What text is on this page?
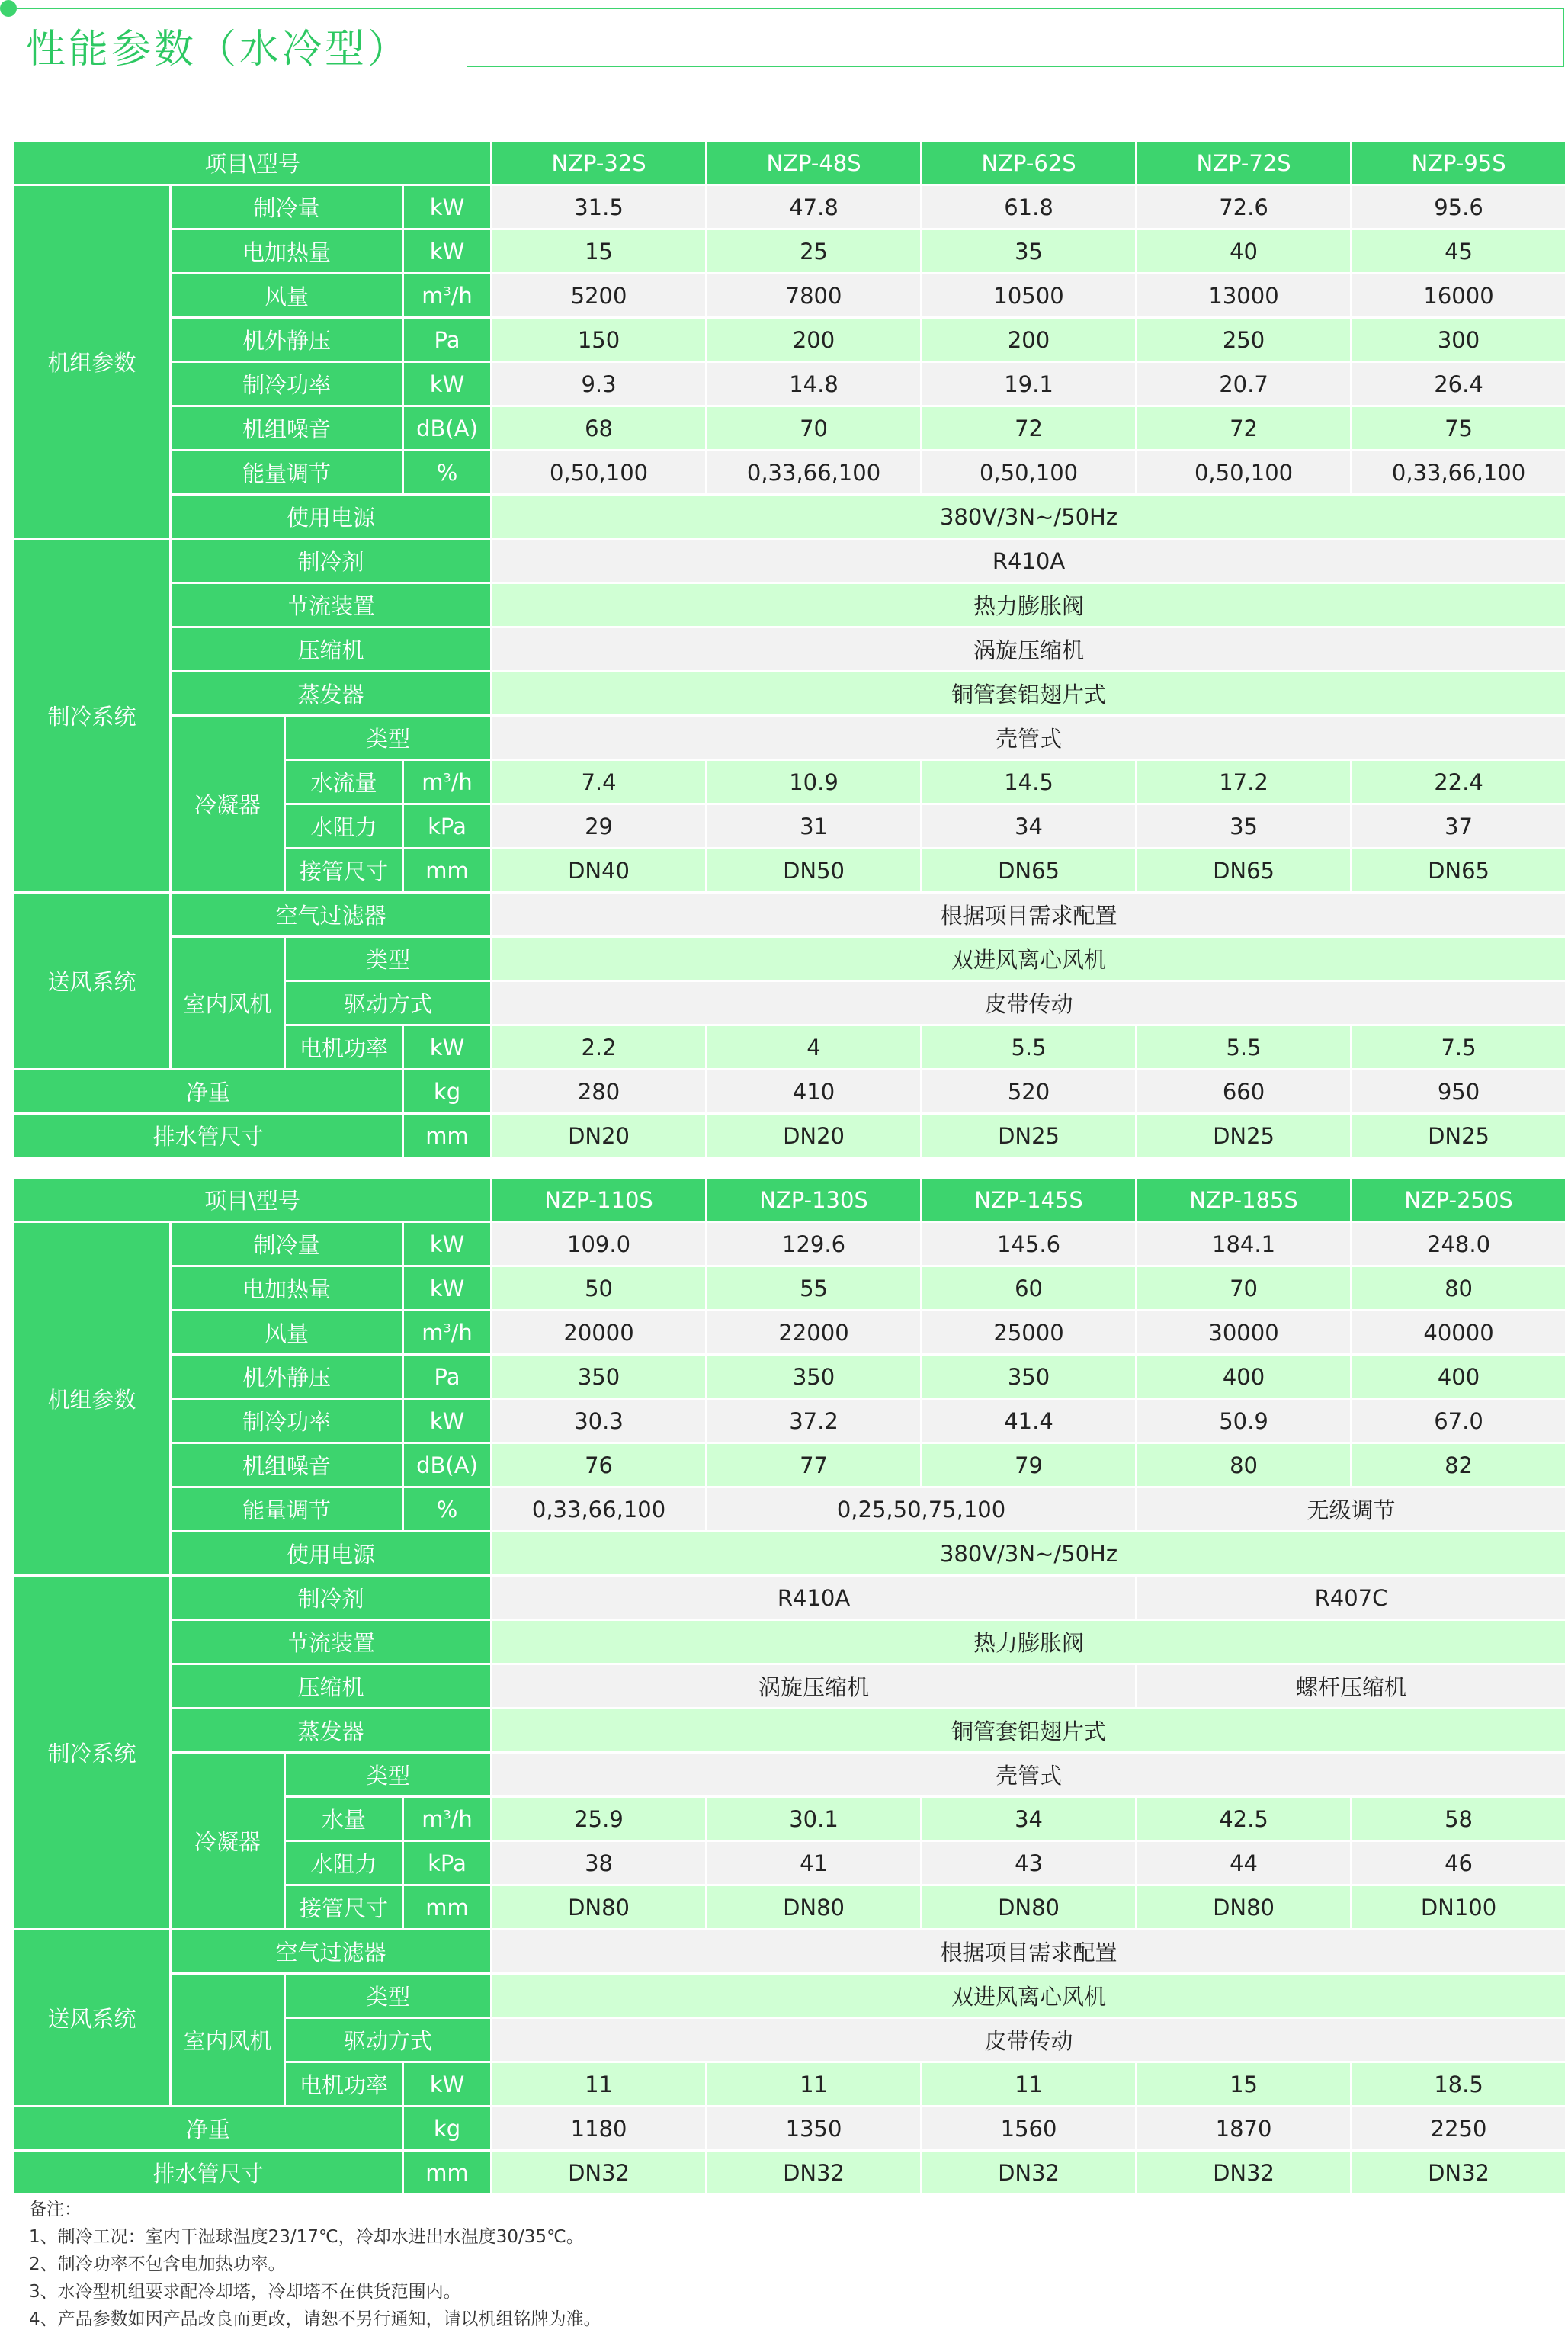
性能参数（水冷型）
项目\型号				NZP-32S	NZP-48S	NZP-62S	NZP-72S	NZP-95S
机组参数	制冷量		kW	31.5	47.8	61.8	72.6	95.6
	电加热量		kW	15	25	35	40	45
	风量		$m^3/h$	5200	7800	10500	13000	16000
	机外静压		Pa	150	200	200	250	300
	制冷功率		kW	9.3	14.8	19.1	20.7	26.4
	机组噪音		dB(A)	68	70	72	72	75
	能量调节		%	0,50,100	0,33,66,100	0,50,100	0,50,100	0,33,66,100
	使用电源			380V/3N~/50Hz				
制冷系统	制冷剂			R410A				
	节流装置			热力膨胀阀				
	压缩机			涡旋压缩机				
	蒸发器			铜管套铝翅片式				
	冷凝器	类型		壳管式				
		水流量	$m^3/h$	7.4	10.9	14.5	17.2	22.4
		水阻力	kPa	29	31	34	35	37
		接管尺寸	mm	DN40	DN50	DN65	DN65	DN65
送风系统	空气过滤器			根据项目需求配置				
	室内风机	类型		双进风离心风机				
		驱动方式		皮带传动				
		电机功率	kW	2.2	4	5.5	5.5	7.5
净重			kg	280	410	520	660	950
排水管尺寸			mm	DN20	DN20	DN25	DN25	DN25
项目\型号				NZP-110S	NZP-130S	NZP-145S	NZP-185S	NZP-250S
机组参数	制冷量		kW	109.0	129.6	145.6	184.1	248.0
	电加热量		kW	50	55	60	70	80
	风量		$m^3/h$	20000	22000	25000	30000	40000
	机外静压		Pa	350	350	350	400	400
	制冷功率		kW	30.3	37.2	41.4	50.9	67.0
	机组噪音		dB(A)	76	77	79	80	82
	能量调节		%	0,33,66,100	0,25,50,75,100		无级调节	
	使用电源			380V/3N~/50Hz				
制冷系统	制冷剂			R410A			R407C	
	节流装置			热力膨胀阀				
	压缩机			涡旋压缩机			螺杆压缩机	
	蒸发器			铜管套铝翅片式				
	冷凝器	类型		壳管式				
		水量	$m^3/h$	25.9	30.1	34	42.5	58
		水阻力	kPa	38	41	43	44	46
		接管尺寸	mm	DN80	DN80	DN80	DN80	DN100
送风系统	空气过滤器			根据项目需求配置				
	室内风机	类型		双进风离心风机				
		驱动方式		皮带传动				
		电机功率	kW	11	11	11	15	18.5
净重			kg	1180	1350	1560	1870	2250
排水管尺寸			mm	DN32	DN32	DN32	DN32	DN32
备注：
1、制冷工况：室内干湿球温度23/17℃，冷却水进出水温度30/35℃。
2、制冷功率不包含电加热功率。
3、水冷型机组要求配冷却塔，冷却塔不在供货范围内。
4、产品参数如因产品改良而更改，请恕不另行通知，请以机组铭牌为准。
